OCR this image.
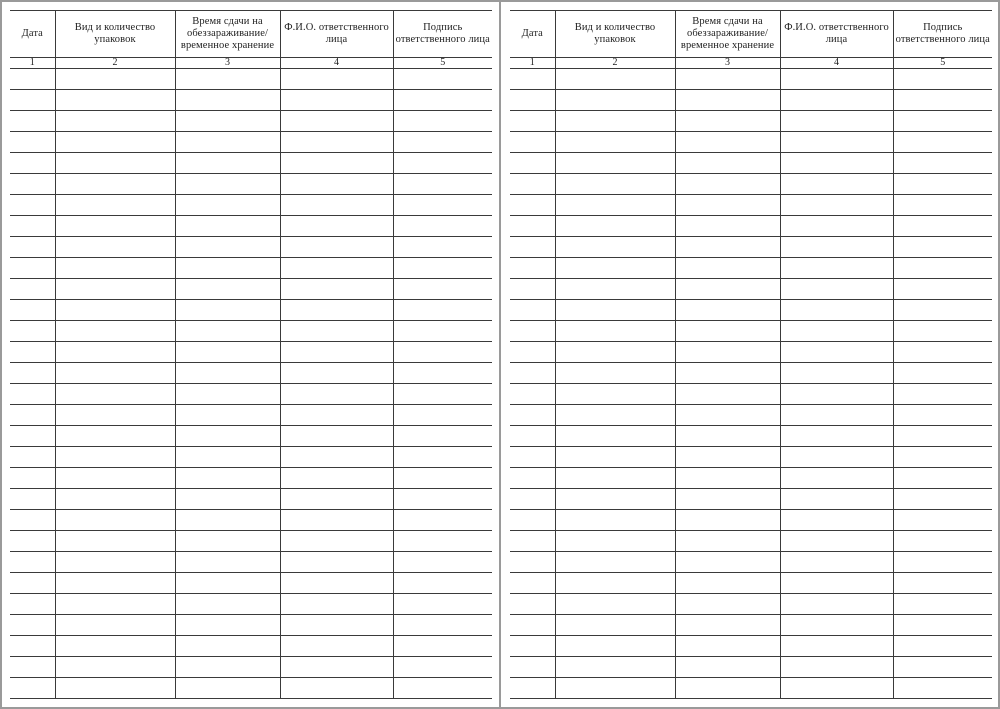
Дата	Вид и количество упаковок	Время сдачи на обеззараживание/ временное хранение	Ф.И.О. ответственного лица	Подпись ответственного лица
1	2	3	4	5

Дата	Вид и количество упаковок	Время сдачи на обеззараживание/ временное хранение	Ф.И.О. ответственного лица	Подпись ответственного лица
1	2	3	4	5
